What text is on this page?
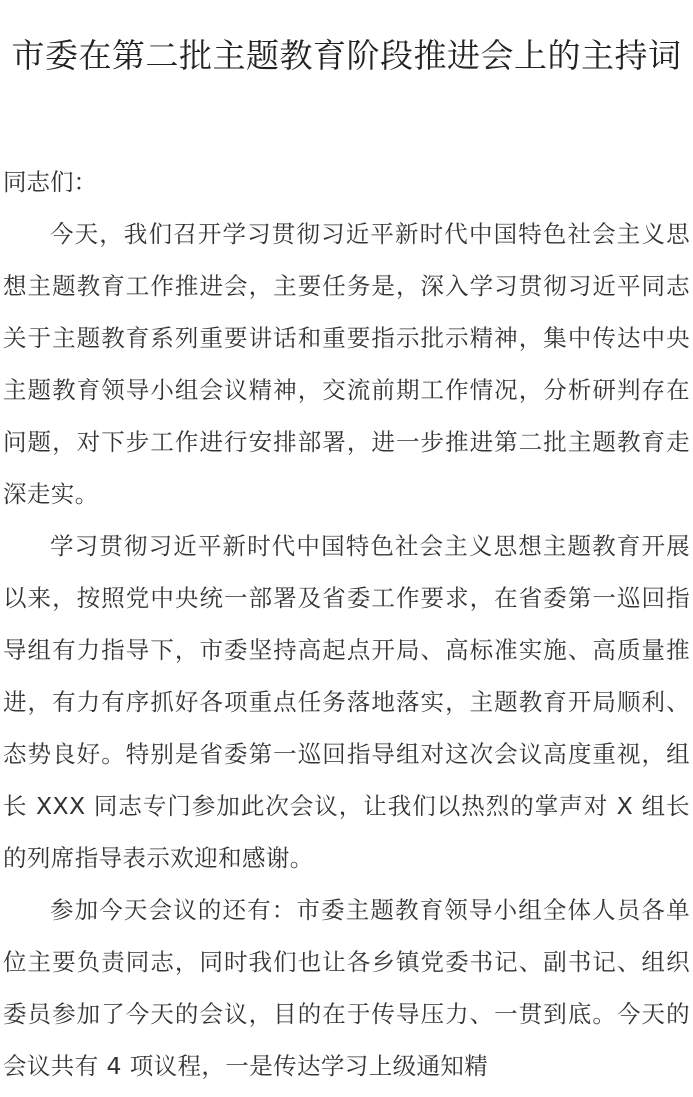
市委在第二批主题教育阶段推进会上的主持词

同志们：

今天，我们召开学习贯彻习近平新时代中国特色社会主义思想主题教育工作推进会，主要任务是，深入学习贯彻习近平同志关于主题教育系列重要讲话和重要指示批示精神，集中传达中央主题教育领导小组会议精神，交流前期工作情况，分析研判存在问题，对下步工作进行安排部署，进一步推进第二批主题教育走深走实。

学习贯彻习近平新时代中国特色社会主义思想主题教育开展以来，按照党中央统一部署及省委工作要求，在省委第一巡回指导组有力指导下，市委坚持高起点开局、高标准实施、高质量推进，有力有序抓好各项重点任务落地落实，主题教育开局顺利、态势良好。特别是省委第一巡回指导组对这次会议高度重视，组长 XXX 同志专门参加此次会议，让我们以热烈的掌声对 X 组长的列席指导表示欢迎和感谢。

参加今天会议的还有：市委主题教育领导小组全体人员各单位主要负责同志，同时我们也让各乡镇党委书记、副书记、组织委员参加了今天的会议，目的在于传导压力、一贯到底。今天的会议共有 4 项议程，一是传达学习上级通知精
